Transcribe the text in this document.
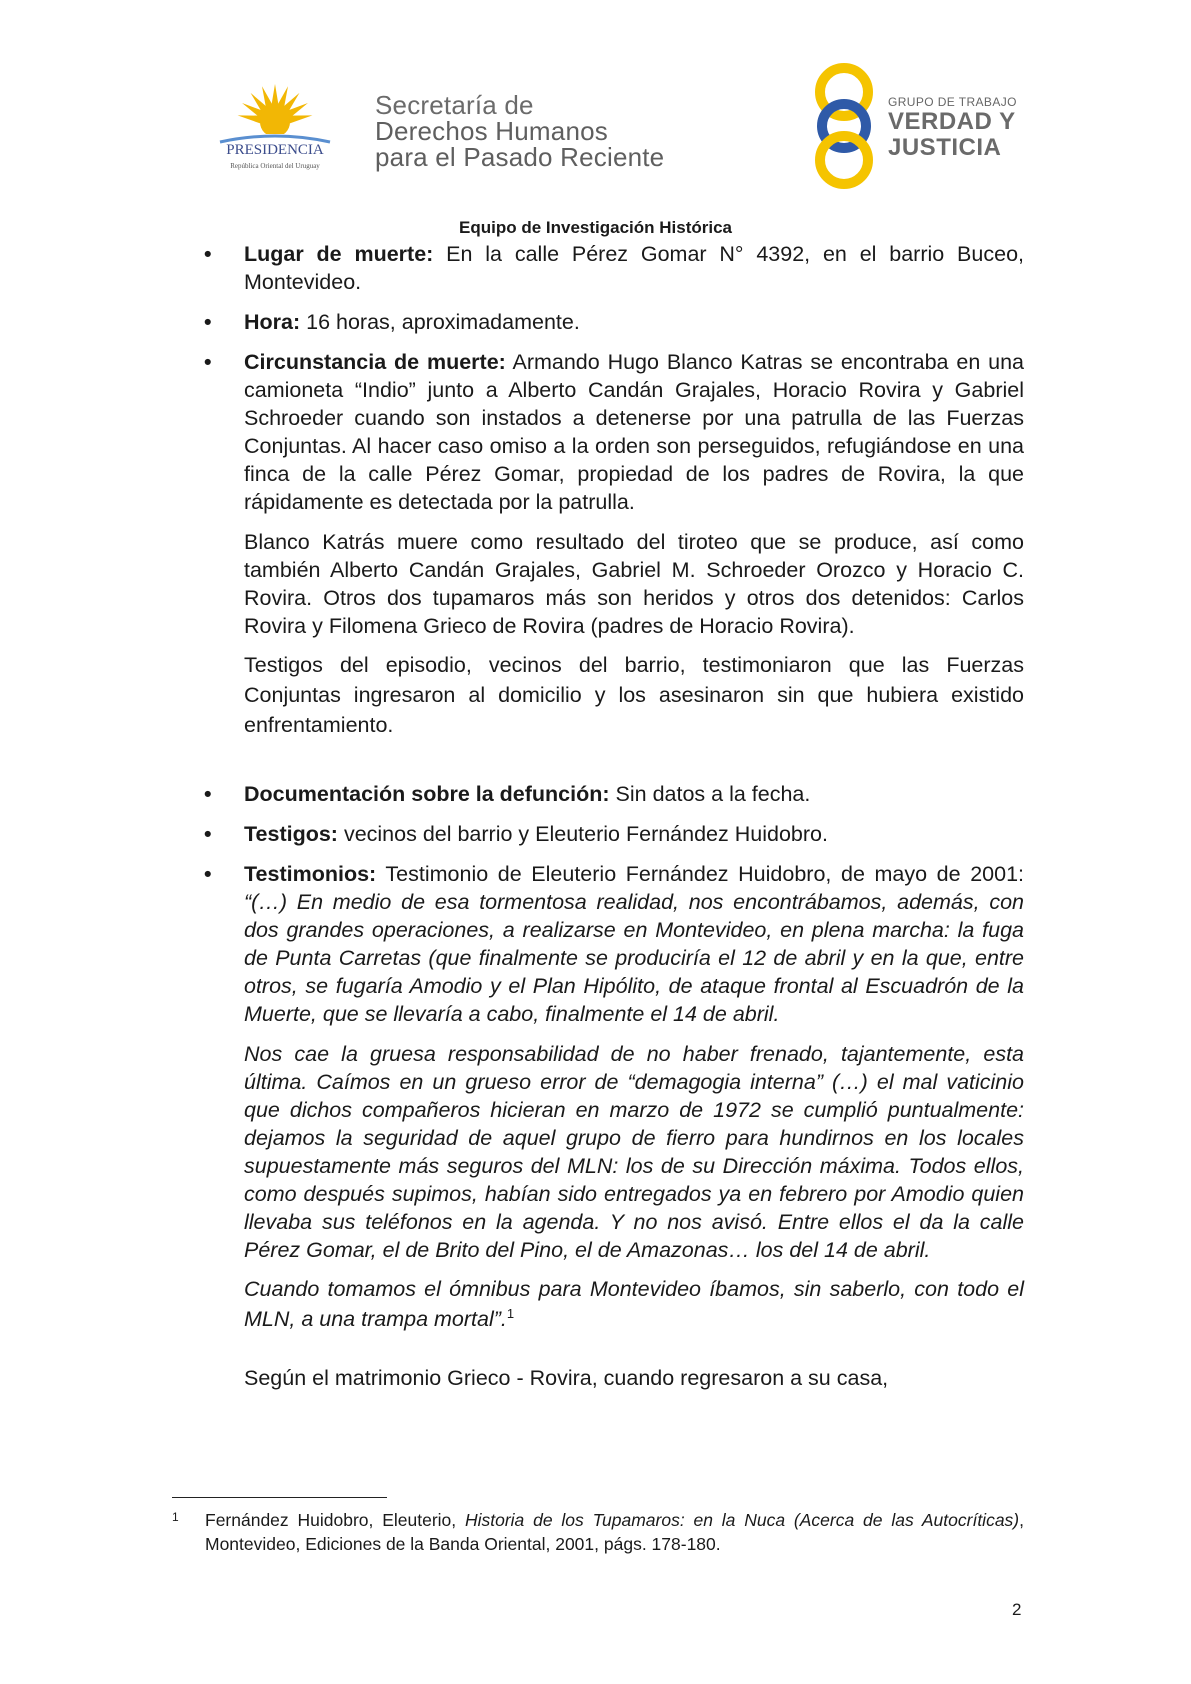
PRESIDENCIA
República Oriental del Uruguay
Secretaría de
Derechos Humanos
para el Pasado Reciente
GRUPO DE TRABAJO
VERDAD Y
JUSTICIA
Equipo de Investigación Histórica
• Lugar de muerte: En la calle Pérez Gomar N° 4392, en el barrio Buceo, Montevideo.
• Hora: 16 horas, aproximadamente.
• Circunstancia de muerte: Armando Hugo Blanco Katras se encontraba en una camioneta “Indio” junto a Alberto Candán Grajales, Horacio Rovira y Gabriel Schroeder cuando son instados a detenerse por una patrulla de las Fuerzas Conjuntas. Al hacer caso omiso a la orden son perseguidos, refugiándose en una finca de la calle Pérez Gomar, propiedad de los padres de Rovira, la que rápidamente es detectada por la patrulla.
Blanco Katrás muere como resultado del tiroteo que se produce, así como también Alberto Candán Grajales, Gabriel M. Schroeder Orozco y Horacio C. Rovira. Otros dos tupamaros más son heridos y otros dos detenidos: Carlos Rovira y Filomena Grieco de Rovira (padres de Horacio Rovira).
Testigos del episodio, vecinos del barrio, testimoniaron que las Fuerzas Conjuntas ingresaron al domicilio y los asesinaron sin que hubiera existido enfrentamiento.
• Documentación sobre la defunción: Sin datos a la fecha.
• Testigos: vecinos del barrio y Eleuterio Fernández Huidobro.
• Testimonios: Testimonio de Eleuterio Fernández Huidobro, de mayo de 2001: “(…) En medio de esa tormentosa realidad, nos encontrábamos, además, con dos grandes operaciones, a realizarse en Montevideo, en plena marcha: la fuga de Punta Carretas (que finalmente se produciría el 12 de abril y en la que, entre otros, se fugaría Amodio y el Plan Hipólito, de ataque frontal al Escuadrón de la Muerte, que se llevaría a cabo, finalmente el 14 de abril.
Nos cae la gruesa responsabilidad de no haber frenado, tajantemente, esta última. Caímos en un grueso error de “demagogia interna” (…) el mal vaticinio que dichos compañeros hicieran en marzo de 1972 se cumplió puntualmente: dejamos la seguridad de aquel grupo de fierro para hundirnos en los locales supuestamente más seguros del MLN: los de su Dirección máxima. Todos ellos, como después supimos, habían sido entregados ya en febrero por Amodio quien llevaba sus teléfonos en la agenda. Y no nos avisó. Entre ellos el da la calle Pérez Gomar, el de Brito del Pino, el de Amazonas… los del 14 de abril.
Cuando tomamos el ómnibus para Montevideo íbamos, sin saberlo, con todo el MLN, a una trampa mortal”.$^1$
Según el matrimonio Grieco - Rovira, cuando regresaron a su casa,
1 Fernández Huidobro, Eleuterio, Historia de los Tupamaros: en la Nuca (Acerca de las Autocríticas), Montevideo, Ediciones de la Banda Oriental, 2001, págs. 178-180.
2
